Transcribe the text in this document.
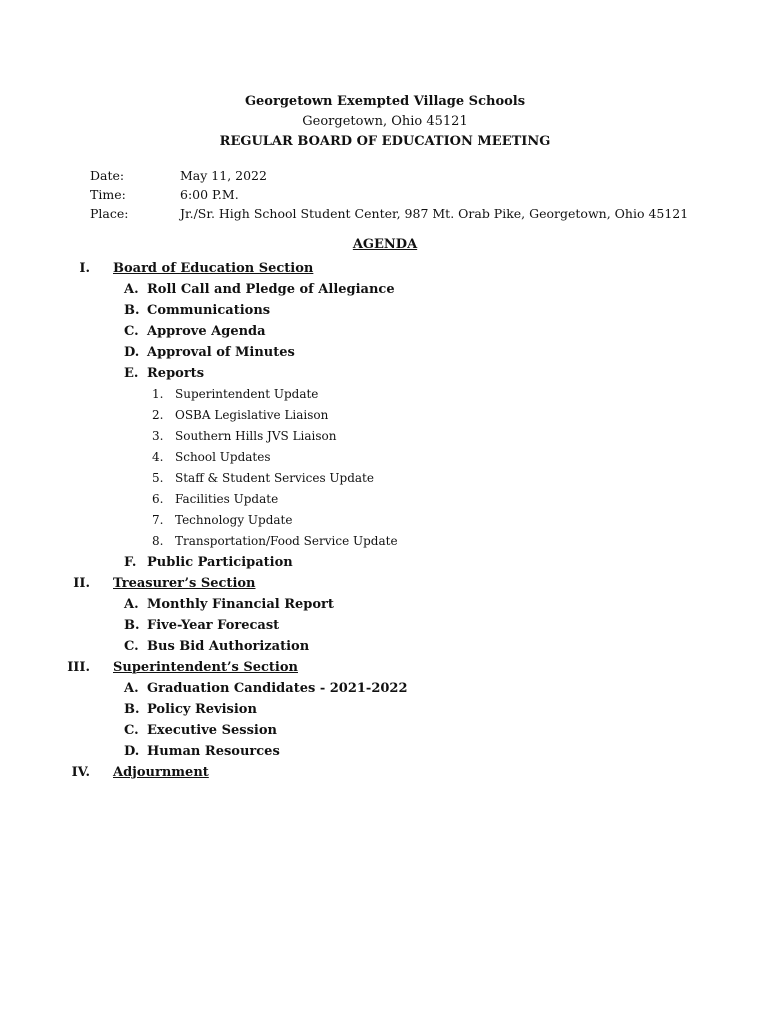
Georgetown Exempted Village Schools
Georgetown, Ohio 45121
REGULAR BOARD OF EDUCATION MEETING
Date:	May 11, 2022
Time:	6:00 P.M.
Place:	Jr./Sr. High School Student Center, 987 Mt. Orab Pike, Georgetown, Ohio 45121
AGENDA
I. Board of Education Section
A. Roll Call and Pledge of Allegiance
B. Communications
C. Approve Agenda
D. Approval of Minutes
E. Reports
1. Superintendent Update
2. OSBA Legislative Liaison
3. Southern Hills JVS Liaison
4. School Updates
5. Staff & Student Services Update
6. Facilities Update
7. Technology Update
8. Transportation/Food Service Update
F. Public Participation
II. Treasurer’s Section
A. Monthly Financial Report
B. Five-Year Forecast
C. Bus Bid Authorization
III. Superintendent’s Section
A. Graduation Candidates - 2021-2022
B. Policy Revision
C. Executive Session
D. Human Resources
IV. Adjournment
